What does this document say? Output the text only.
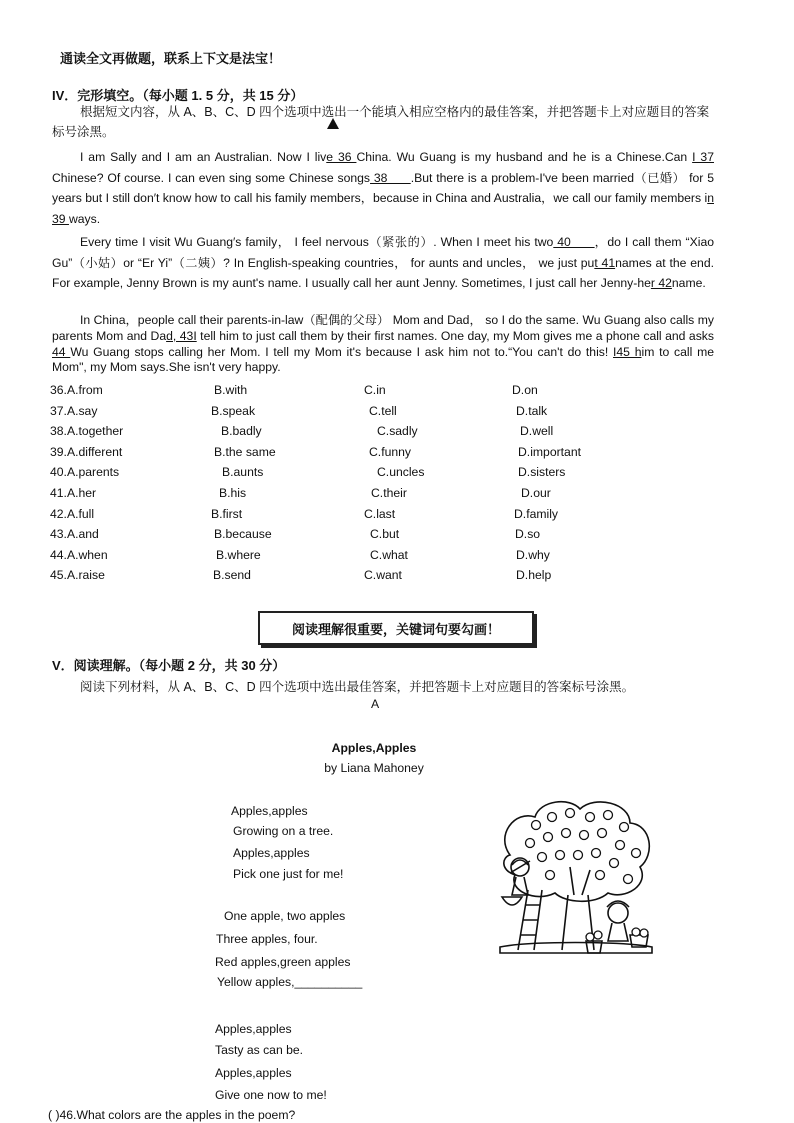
通读全文再做题，联系上下文是法宝！
IV．完形填空。（每小题 1. 5 分，共 15 分）
根据短文内容，从 A、B、C、D 四个选项中选出一个能填入相应空格内的最佳答案，并把答题卡上对应题目的答案标号涂黑。
I am Sally and I am an Australian. Now I live 36 China. Wu Guang is my husband and he is a Chinese.Can I 37 Chinese? Of course. I can even sing some Chinese songs 38      .But there is a problem-I've been married（已婚） for 5 years but I still don′t know how to call his family members，because in China and Australia，we call our family members in 39 ways.
Every time I visit Wu Guang′s family， I feel nervous（紧张的）. When I meet his two 40      ，do I call them “Xiao Gu”（小姑）or “Er Yi”（二姨）? In English-speaking countries， for aunts and uncles， we just put 41names at the end. For example, Jenny Brown is my aunt's name. I usually call her aunt Jenny. Sometimes, I just call her Jenny-her 42name.
In China，people call their parents-in-law（配偶的父母） Mom and Dad， so I do the same. Wu Guang also calls my parents Mom and Dad, 43I tell him to just call them by their first names. One day, my Mom gives me a phone call and asks 44 Wu Guang stops calling her Mom. I tell my Mom it's because I ask him not to.“You can't do this! I45 him to call me Mom", my Mom says.She isn't very happy.
36.A.from	B.with	C.in	D.on
37.A.say	B.speak	C.tell	D.talk
38.A.together	B.badly	C.sadly	D.well
39.A.different	B.the same	C.funny	D.important
40.A.parents	B.aunts	C.uncles	D.sisters
41.A.her	B.his	C.their	D.our
42.A.full	B.first	C.last	D.family
43.A.and	B.because	C.but	D.so
44.A.when	B.where	C.what	D.why
45.A.raise	B.send	C.want	D.help
阅读理解很重要，关键词句要勾画！
V．阅读理解。（每小题 2 分，共 30 分）
阅读下列材料，从 A、B、C、D 四个选项中选出最佳答案，并把答题卡上对应题目的答案标号涂黑。
A
Apples,Apples
by Liana Mahoney
Apples,apples
Growing on a tree.
Apples,apples
Pick one just for me!
One apple, two apples
Three apples, four.
Red apples,green apples
Yellow apples,__________
Apples,apples
Tasty as can be.
Apples,apples
Give one now to me!
( )46.What colors are the apples in the poem?
